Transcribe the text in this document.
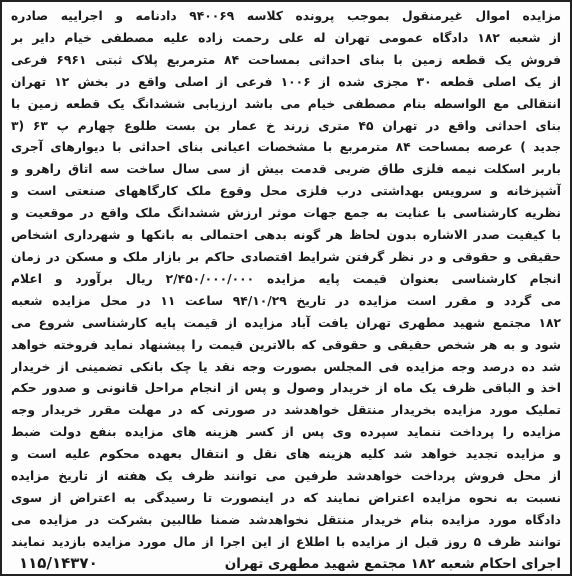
مزایده اموال غیرمنقول بموجب پرونده کلاسه ۹۴۰۰۶۹ دادنامه و اجراییه صادره
از شعبه ۱۸۲ دادگاه عمومی تهران له علی رحمت زاده علیه مصطفی خیام دایر بر
فروش یک قطعه زمین با بنای احداثی بمساحت ۸۴ مترمربع پلاک ثبتی ۶۹۶۱ فرعی
از یک اصلی قطعه ۳۰ مجزی شده از ۱۰۰۶ فرعی از اصلی واقع در بخش ۱۲ تهران
انتقالی مع الواسطه بنام مصطفی خیام می باشد ارزیابی ششدانگ یک قطعه زمین با
بنای احداثی واقع در تهران ۴۵ متری زرند خ عمار بن بست طلوع چهارم پ ۶۳ (۳
جدید ) عرصه بمساحت ۸۴ مترمربع با مشخصات اعیانی بنای احداثی با دیوارهای آجری
باربر اسکلت نیمه فلزی طاق ضربی قدمت بیش از سی سال ساخت سه اتاق راهرو و
آشپزخانه و سرویس بهداشتی درب فلزی محل وقوع ملک کارگاههای صنعتی است و
نظریه کارشناسی با عنایت به جمع جهات موثر ارزش ششدانگ ملک واقع در موقعیت و
با کیفیت صدر الاشاره بدون لحاظ هر گونه بدهی احتمالی به بانکها و شهرداری اشخاص
حقیقی و حقوقی و در نظر گرفتن شرایط اقتصادی حاکم بر بازار ملک و مسکن در زمان
انجام کارشناسی بعنوان قیمت پایه مزایده ۲/۴۵۰/۰۰۰/۰۰۰ ریال برآورد و اعلام
می گردد و مقرر است مزایده در تاریخ ۹۴/۱۰/۲۹ ساعت ۱۱ در محل مزایده شعبه
۱۸۲ مجتمع شهید مطهری تهران یافت آباد مزایده از قیمت پایه کارشناسی شروع می
شود و به هر شخص حقیقی و حقوقی که بالاترین قیمت را پیشنهاد نماید فروخته خواهد
شد ده درصد وجه مزایده فی المجلس بصورت وجه نقد یا چک بانکی تضمینی از خریدار
اخذ و الباقی ظرف یک ماه از خریدار وصول و پس از انجام مراحل قانونی و صدور حکم
تملیک مورد مزایده بخریدار منتقل خواهدشد در صورتی که در مهلت مقرر خریدار وجه
مزایده را پرداخت ننماید سپرده وی پس از کسر هزینه های مزایده بنفع دولت ضبط
و مزایده تجدید خواهد شد کلیه هزینه های نقل و انتقال بعهده محکوم علیه است و
از محل فروش پرداخت خواهدشد طرفین می توانند ظرف یک هفته از تاریخ مزایده
نسبت به نحوه مزایده اعتراض نمایند که در اینصورت تا رسیدگی به اعتراض از سوی
دادگاه مورد مزایده بنام خریدار منتقل نخواهدشد ضمنا طالبین بشرکت در مزایده می
توانند ظرف ۵ روز قبل از مزایده با اطلاع از این اجرا از مال مورد مزایده بازدید نمایند
اجرای احکام شعبه ۱۸۲ مجتمع شهید مطهری تهران
۱۱۵/۱۴۳۷۰
